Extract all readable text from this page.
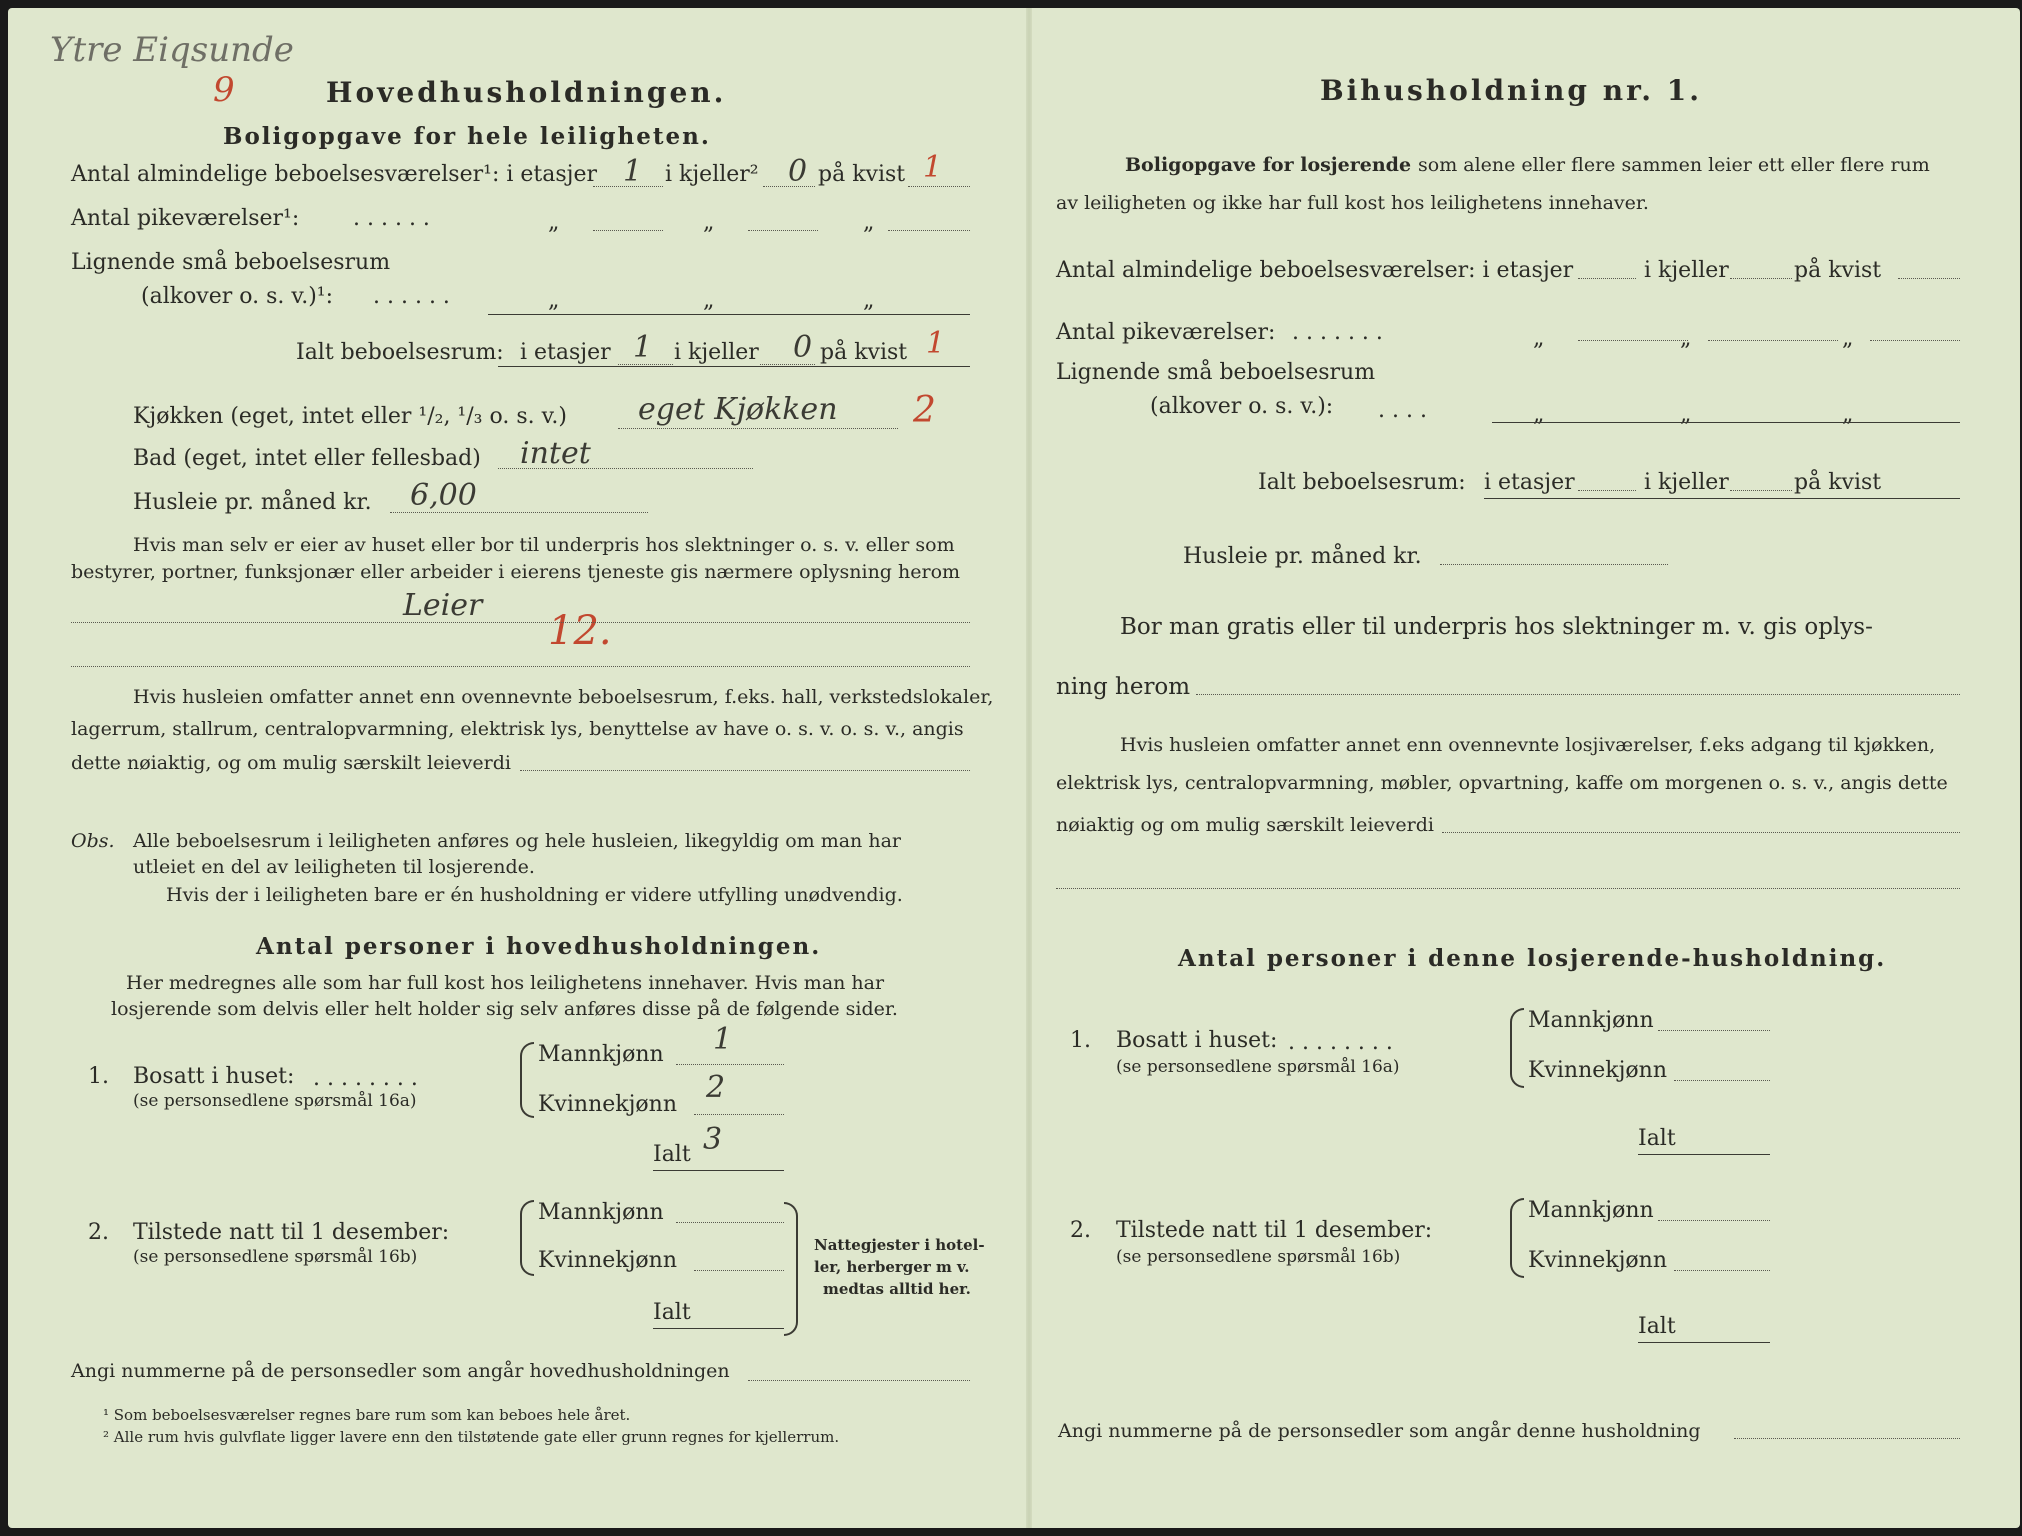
Ytre Eiqsunde
9	Hovedhusholdningen.
Boligopgave for hele leiligheten.
Antal almindelige beboelsesværelser¹: i etasjer 1 i kjeller² 0 på kvist 1
Antal pikeværelser¹: . . . . . .	„	„	„
Lignende små beboelsesrum
(alkover o. s. v.)¹: . . . . . .	„	„	„
Ialt beboelsesrum: i etasjer 1 i kjeller 0 på kvist 1
Kjøkken (eget, intet eller ¹/₂, ¹/₃ o. s. v.) eget Kjøkken 2
Bad (eget, intet eller fellesbad) intet
Husleie pr. måned kr. 6,00
Hvis man selv er eier av huset eller bor til underpris hos slektninger o. s. v. eller som
bestyrer, portner, funksjonær eller arbeider i eierens tjeneste gis nærmere oplysning herom
Leier
12.
Hvis husleien omfatter annet enn ovennevnte beboelsesrum, f.eks. hall, verkstedslokaler,
lagerrum, stallrum, centralopvarmning, elektrisk lys, benyttelse av have o. s. v. o. s. v., angis
dette nøiaktig, og om mulig særskilt leieverdi
Obs. Alle beboelsesrum i leiligheten anføres og hele husleien, likegyldig om man har
utleiet en del av leiligheten til losjerende.
Hvis der i leiligheten bare er én husholdning er videre utfylling unødvendig.
Antal personer i hovedhusholdningen.
Her medregnes alle som har full kost hos leilighetens innehaver. Hvis man har
losjerende som delvis eller helt holder sig selv anføres disse på de følgende sider.
1. Bosatt i huset: . . . . . . . .
(se personsedlene spørsmål 16a)
Mannkjønn 1
Kvinnekjønn 2
Ialt 3
2. Tilstede natt til 1 desember:
(se personsedlene spørsmål 16b)
Mannkjønn
Kvinnekjønn
Ialt
Nattegjester i hotel-
ler, herberger m v.
medtas alltid her.
Angi nummerne på de personsedler som angår hovedhusholdningen
¹ Som beboelsesværelser regnes bare rum som kan beboes hele året.
² Alle rum hvis gulvflate ligger lavere enn den tilstøtende gate eller grunn regnes for kjellerrum.
Bihusholdning nr. 1.
Boligopgave for losjerende som alene eller flere sammen leier ett eller flere rum
av leiligheten og ikke har full kost hos leilighetens innehaver.
Antal almindelige beboelsesværelser: i etasjer	i kjeller	på kvist
Antal pikeværelser: . . . . . . .	„	„	„
Lignende små beboelsesrum
(alkover o. s. v.): . . . .	„	„	„
Ialt beboelsesrum: i etasjer	i kjeller	på kvist
Husleie pr. måned kr.
Bor man gratis eller til underpris hos slektninger m. v. gis oplys-
ning herom
Hvis husleien omfatter annet enn ovennevnte losjiværelser, f.eks adgang til kjøkken,
elektrisk lys, centralopvarmning, møbler, opvartning, kaffe om morgenen o. s. v., angis dette
nøiaktig og om mulig særskilt leieverdi
Antal personer i denne losjerende-husholdning.
1. Bosatt i huset: . . . . . . . .
(se personsedlene spørsmål 16a)
Mannkjønn
Kvinnekjønn
Ialt
2. Tilstede natt til 1 desember:
(se personsedlene spørsmål 16b)
Mannkjønn
Kvinnekjønn
Ialt
Angi nummerne på de personsedler som angår denne husholdning
